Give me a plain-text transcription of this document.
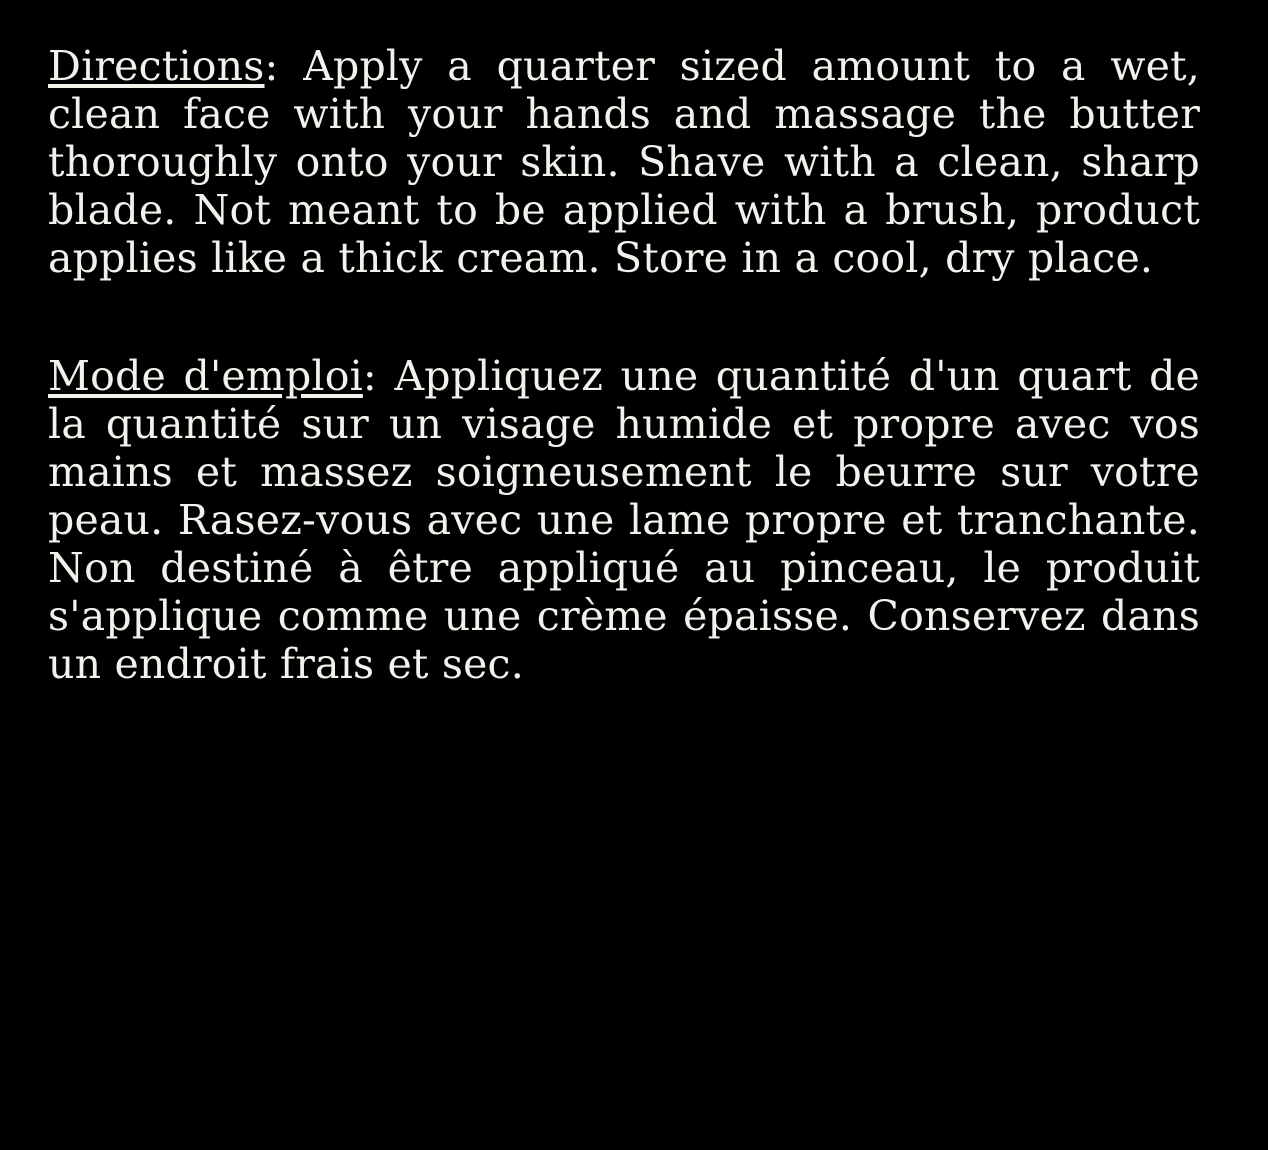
Directions: Apply a quarter sized amount to a wet, clean face with your hands and massage the butter thoroughly onto your skin. Shave with a clean, sharp blade. Not meant to be applied with a brush, product applies like a thick cream. Store in a cool, dry place.
Mode d'emploi: Appliquez une quantité d'un quart de la quantité sur un visage humide et propre avec vos mains et massez soigneusement le beurre sur votre peau. Rasez-vous avec une lame propre et tranchante. Non destiné à être appliqué au pinceau, le produit s'applique comme une crème épaisse. Conservez dans un endroit frais et sec.
